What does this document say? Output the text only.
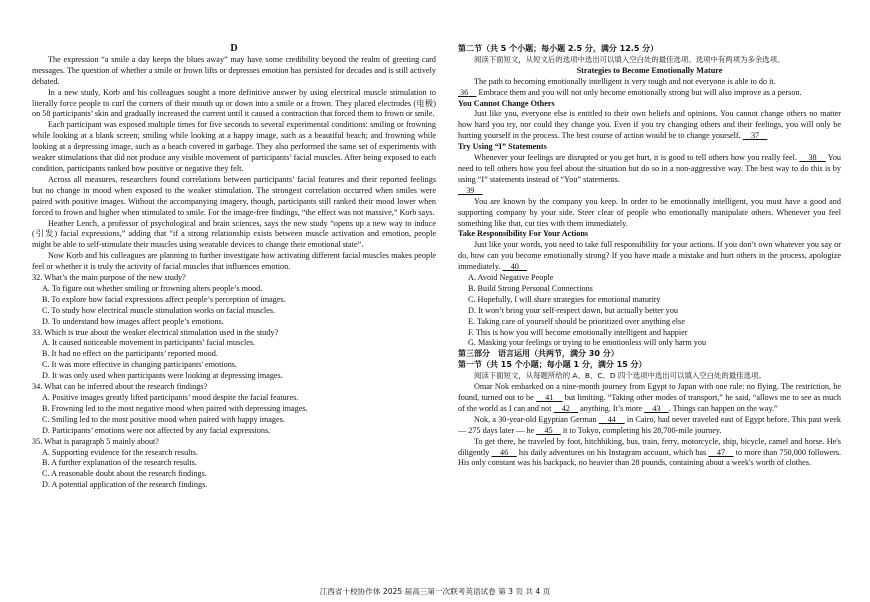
D

The expression “a smile a day keeps the blues away” may have some credibility beyond the realm of greeting card messages. The question of whether a smile or frown lifts or depresses emotion has persisted for decades and is still actively debated.

In a new study, Korb and his colleagues sought a more definitive answer by using electrical muscle stimulation to literally force people to curl the corners of their mouth up or down into a smile or a frown. They placed electrodes (电极) on 58 participants’ skin and gradually increased the current until it caused a contraction that forced them to frown or smile.

Each participant was exposed multiple times for five seconds to several experimental conditions: smiling or frowning while looking at a blank screen; smiling while looking at a happy image, such as a beautiful beach; and frowning while looking at a depressing image, such as a beach covered in garbage. They also performed the same set of experiments with weaker stimulations that did not produce any visible movement of participants’ facial muscles. After being exposed to each condition, participants ranked how positive or negative they felt.

Across all measures, researchers found correlations between participants’ facial features and their reported feelings but no change in mood when exposed to the weaker stimulation. The strongest correlation occurred when smiles were paired with positive images. Without the accompanying imagery, though, participants still ranked their mood lower when forced to frown and higher when stimulated to smile. For the image-free findings, “the effect was not massive,” Korb says.

Heather Lench, a professor of psychological and brain sciences, says the new study “opens up a new way to induce (引发) facial expressions,” adding that “if a strong relationship exists between muscle activation and emotion, people might be able to self-stimulate their muscles using wearable devices to change their emotional state”.

Now Korb and his colleagues are planning to further investigate how activating different facial muscles makes people feel or whether it is truly the activity of facial muscles that influences emotion.

32. What’s the main purpose of the new study?

A. To figure out whether smiling or frowning alters people’s mood.

B. To explore how facial expressions affect people’s perception of images.

C. To study how electrical muscle stimulation works on facial muscles.

D. To understand how images affect people’s emotions.

33. Which is true about the weaker electrical stimulation used in the study?

A. It caused noticeable movement in participants’ facial muscles.

B. It had no effect on the participants’ reported mood.

C. It was more effective in changing participants' emotions.

D. It was only used when participants were looking at depressing images.

34. What can be inferred about the research findings?

A. Positive images greatly lifted participants’ mood despite the facial features.

B. Frowning led to the most negative mood when paired with depressing images.

C. Smiling led to the most positive mood when paired with happy images.

D. Participants’ emotions were not affected by any facial expressions.

35. What is paragraph 5 mainly about?

A. Supporting evidence for the research results.

B. A further explanation of the research results.

C. A reasonable doubt about the research findings.

D. A potential application of the research findings.

第二节（共 5 个小题；每小题 2.5 分，满分 12.5 分）

阅读下面短文，从短文后的选项中选出可以填入空白处的最佳选项。选项中有两项为多余选项。

Strategies to Become Emotionally Mature

The path to becoming emotionally intelligent is very tough and not everyone is able to do it.
36 Embrace them and you will not only become emotionally strong but will also improve as a person.

You Cannot Change Others

Just like you, everyone else is entitled to their own beliefs and opinions. You cannot change others no matter how hard you try, nor could they change you. Even if you try changing others and their feelings, you will only be hurting yourself in the process. The best course of action would be to change yourself. 37

Try Using “I” Statements

Whenever your feelings are disrupted or you get hurt, it is good to tell others how you really feel. 38 You need to tell others how you feel about the situation but do so in a non-aggressive way. The best way to do this is by using “I” statements instead of “You” statements.

39

You are known by the company you keep. In order to be emotionally intelligent, you must have a good and supporting company by your side. Steer clear of people who emotionally manipulate others. Whenever you feel something like that, cut ties with them immediately.

Take Responsibility For Your Actions

Just like your words, you need to take full responsibility for your actions. If you don’t own whatever you say or do, how can you become emotionally strong? If you have made a mistake and hurt others in the process, apologize immediately. 40

A. Avoid Negative People

B. Build Strong Personal Connections

C. Hopefully, I will share strategies for emotional maturity

D. It won’t bring your self-respect down, but actually better you

E. Taking care of yourself should be prioritized over anything else

F. This is how you will become emotionally intelligent and happier

G. Masking your feelings or trying to be emotionless will only harm you

第三部分　语言运用（共两节，满分 30 分）

第一节（共 15 个小题；每小题 1 分，满分 15 分）

阅读下面短文，从每题所给的 A、B、C、D 四个选项中选出可以填入空白处的最佳选项。

Omar Nok embarked on a nine-month journey from Egypt to Japan with one rule: no flying. The restriction, he found, turned out to be 41 but limiting. “Taking other modes of transport,” he said, “allows me to see as much of the world as I can and not 42 anything. It’s more 43 . Things can happen on the way.”

Nok, a 30-year-old Egyptian German 44 in Cairo, had never traveled east of Egypt before. This past week — 275 days later — he 45 it to Tokyo, completing his 28,700-mile journey.

To get there, he traveled by foot, hitchhiking, bus, train, ferry, motorcycle, ship, bicycle, camel and horse. He's diligently 46 his daily adventures on his Instagram account, which has 47 to more than 750,000 followers. His only constant was his backpack, no heavier than 28 pounds, containing about a week's worth of clothes.

江西省十校协作体 2025 届高三第一次联考英语试卷 第 3 页 共 4 页
